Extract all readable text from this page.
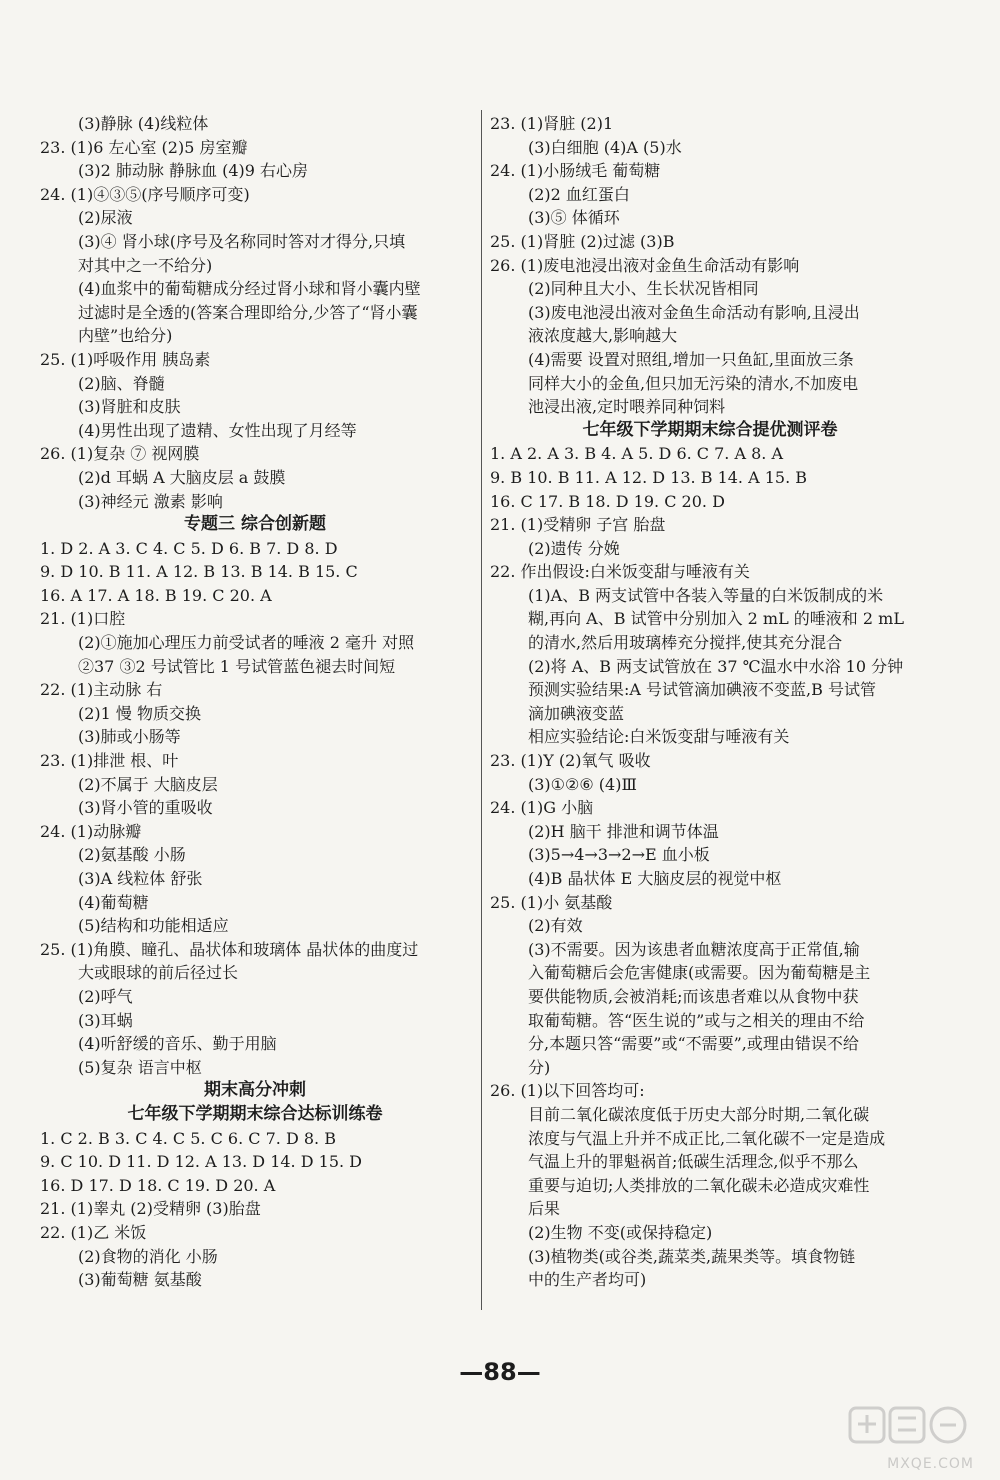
(3)静脉 (4)线粒体
23. (1)6 左心室 (2)5 房室瓣
(3)2 肺动脉 静脉血 (4)9 右心房
24. (1)④③⑤(序号顺序可变)
(2)尿液
(3)④ 肾小球(序号及名称同时答对才得分,只填
对其中之一不给分)
(4)血浆中的葡萄糖成分经过肾小球和肾小囊内壁
过滤时是全透的(答案合理即给分,少答了“肾小囊
内壁”也给分)
25. (1)呼吸作用 胰岛素
(2)脑、脊髓
(3)肾脏和皮肤
(4)男性出现了遗精、女性出现了月经等
26. (1)复杂 ⑦ 视网膜
(2)d 耳蜗 A 大脑皮层 a 鼓膜
(3)神经元 激素 影响
专题三 综合创新题
1. D 2. A 3. C 4. C 5. D 6. B 7. D 8. D
9. D 10. B 11. A 12. B 13. B 14. B 15. C
16. A 17. A 18. B 19. C 20. A
21. (1)口腔
(2)①施加心理压力前受试者的唾液 2 毫升 对照
②37 ③2 号试管比 1 号试管蓝色褪去时间短
22. (1)主动脉 右
(2)1 慢 物质交换
(3)肺或小肠等
23. (1)排泄 根、叶
(2)不属于 大脑皮层
(3)肾小管的重吸收
24. (1)动脉瓣
(2)氨基酸 小肠
(3)A 线粒体 舒张
(4)葡萄糖
(5)结构和功能相适应
25. (1)角膜、瞳孔、晶状体和玻璃体 晶状体的曲度过
大或眼球的前后径过长
(2)呼气
(3)耳蜗
(4)听舒缓的音乐、勤于用脑
(5)复杂 语言中枢
期末高分冲刺
七年级下学期期末综合达标训练卷
1. C 2. B 3. C 4. C 5. C 6. C 7. D 8. B
9. C 10. D 11. D 12. A 13. D 14. D 15. D
16. D 17. D 18. C 19. D 20. A
21. (1)睾丸 (2)受精卵 (3)胎盘
22. (1)乙 米饭
(2)食物的消化 小肠
(3)葡萄糖 氨基酸
23. (1)肾脏 (2)1
(3)白细胞 (4)A (5)水
24. (1)小肠绒毛 葡萄糖
(2)2 血红蛋白
(3)⑤ 体循环
25. (1)肾脏 (2)过滤 (3)B
26. (1)废电池浸出液对金鱼生命活动有影响
(2)同种且大小、生长状况皆相同
(3)废电池浸出液对金鱼生命活动有影响,且浸出
液浓度越大,影响越大
(4)需要 设置对照组,增加一只鱼缸,里面放三条
同样大小的金鱼,但只加无污染的清水,不加废电
池浸出液,定时喂养同种饲料
七年级下学期期末综合提优测评卷
1. A 2. A 3. B 4. A 5. D 6. C 7. A 8. A
9. B 10. B 11. A 12. D 13. B 14. A 15. B
16. C 17. B 18. D 19. C 20. D
21. (1)受精卵 子宫 胎盘
(2)遗传 分娩
22. 作出假设:白米饭变甜与唾液有关
(1)A、B 两支试管中各装入等量的白米饭制成的米
糊,再向 A、B 试管中分别加入 2 mL 的唾液和 2 mL
的清水,然后用玻璃棒充分搅拌,使其充分混合
(2)将 A、B 两支试管放在 37 ℃温水中水浴 10 分钟
预测实验结果:A 号试管滴加碘液不变蓝,B 号试管
滴加碘液变蓝
相应实验结论:白米饭变甜与唾液有关
23. (1)Y (2)氧气 吸收
(3)①②⑥ (4)Ⅲ
24. (1)G 小脑
(2)H 脑干 排泄和调节体温
(3)5→4→3→2→E 血小板
(4)B 晶状体 E 大脑皮层的视觉中枢
25. (1)小 氨基酸
(2)有效
(3)不需要。因为该患者血糖浓度高于正常值,输
入葡萄糖后会危害健康(或需要。因为葡萄糖是主
要供能物质,会被消耗;而该患者难以从食物中获
取葡萄糖。答“医生说的”或与之相关的理由不给
分,本题只答“需要”或“不需要”,或理由错误不给
分)
26. (1)以下回答均可:
目前二氧化碳浓度低于历史大部分时期,二氧化碳
浓度与气温上升并不成正比,二氧化碳不一定是造成
气温上升的罪魁祸首;低碳生活理念,似乎不那么
重要与迫切;人类排放的二氧化碳未必造成灾难性
后果
(2)生物 不变(或保持稳定)
(3)植物类(或谷类,蔬菜类,蔬果类等。填食物链
中的生产者均可)
—88—
MXQE.COM
